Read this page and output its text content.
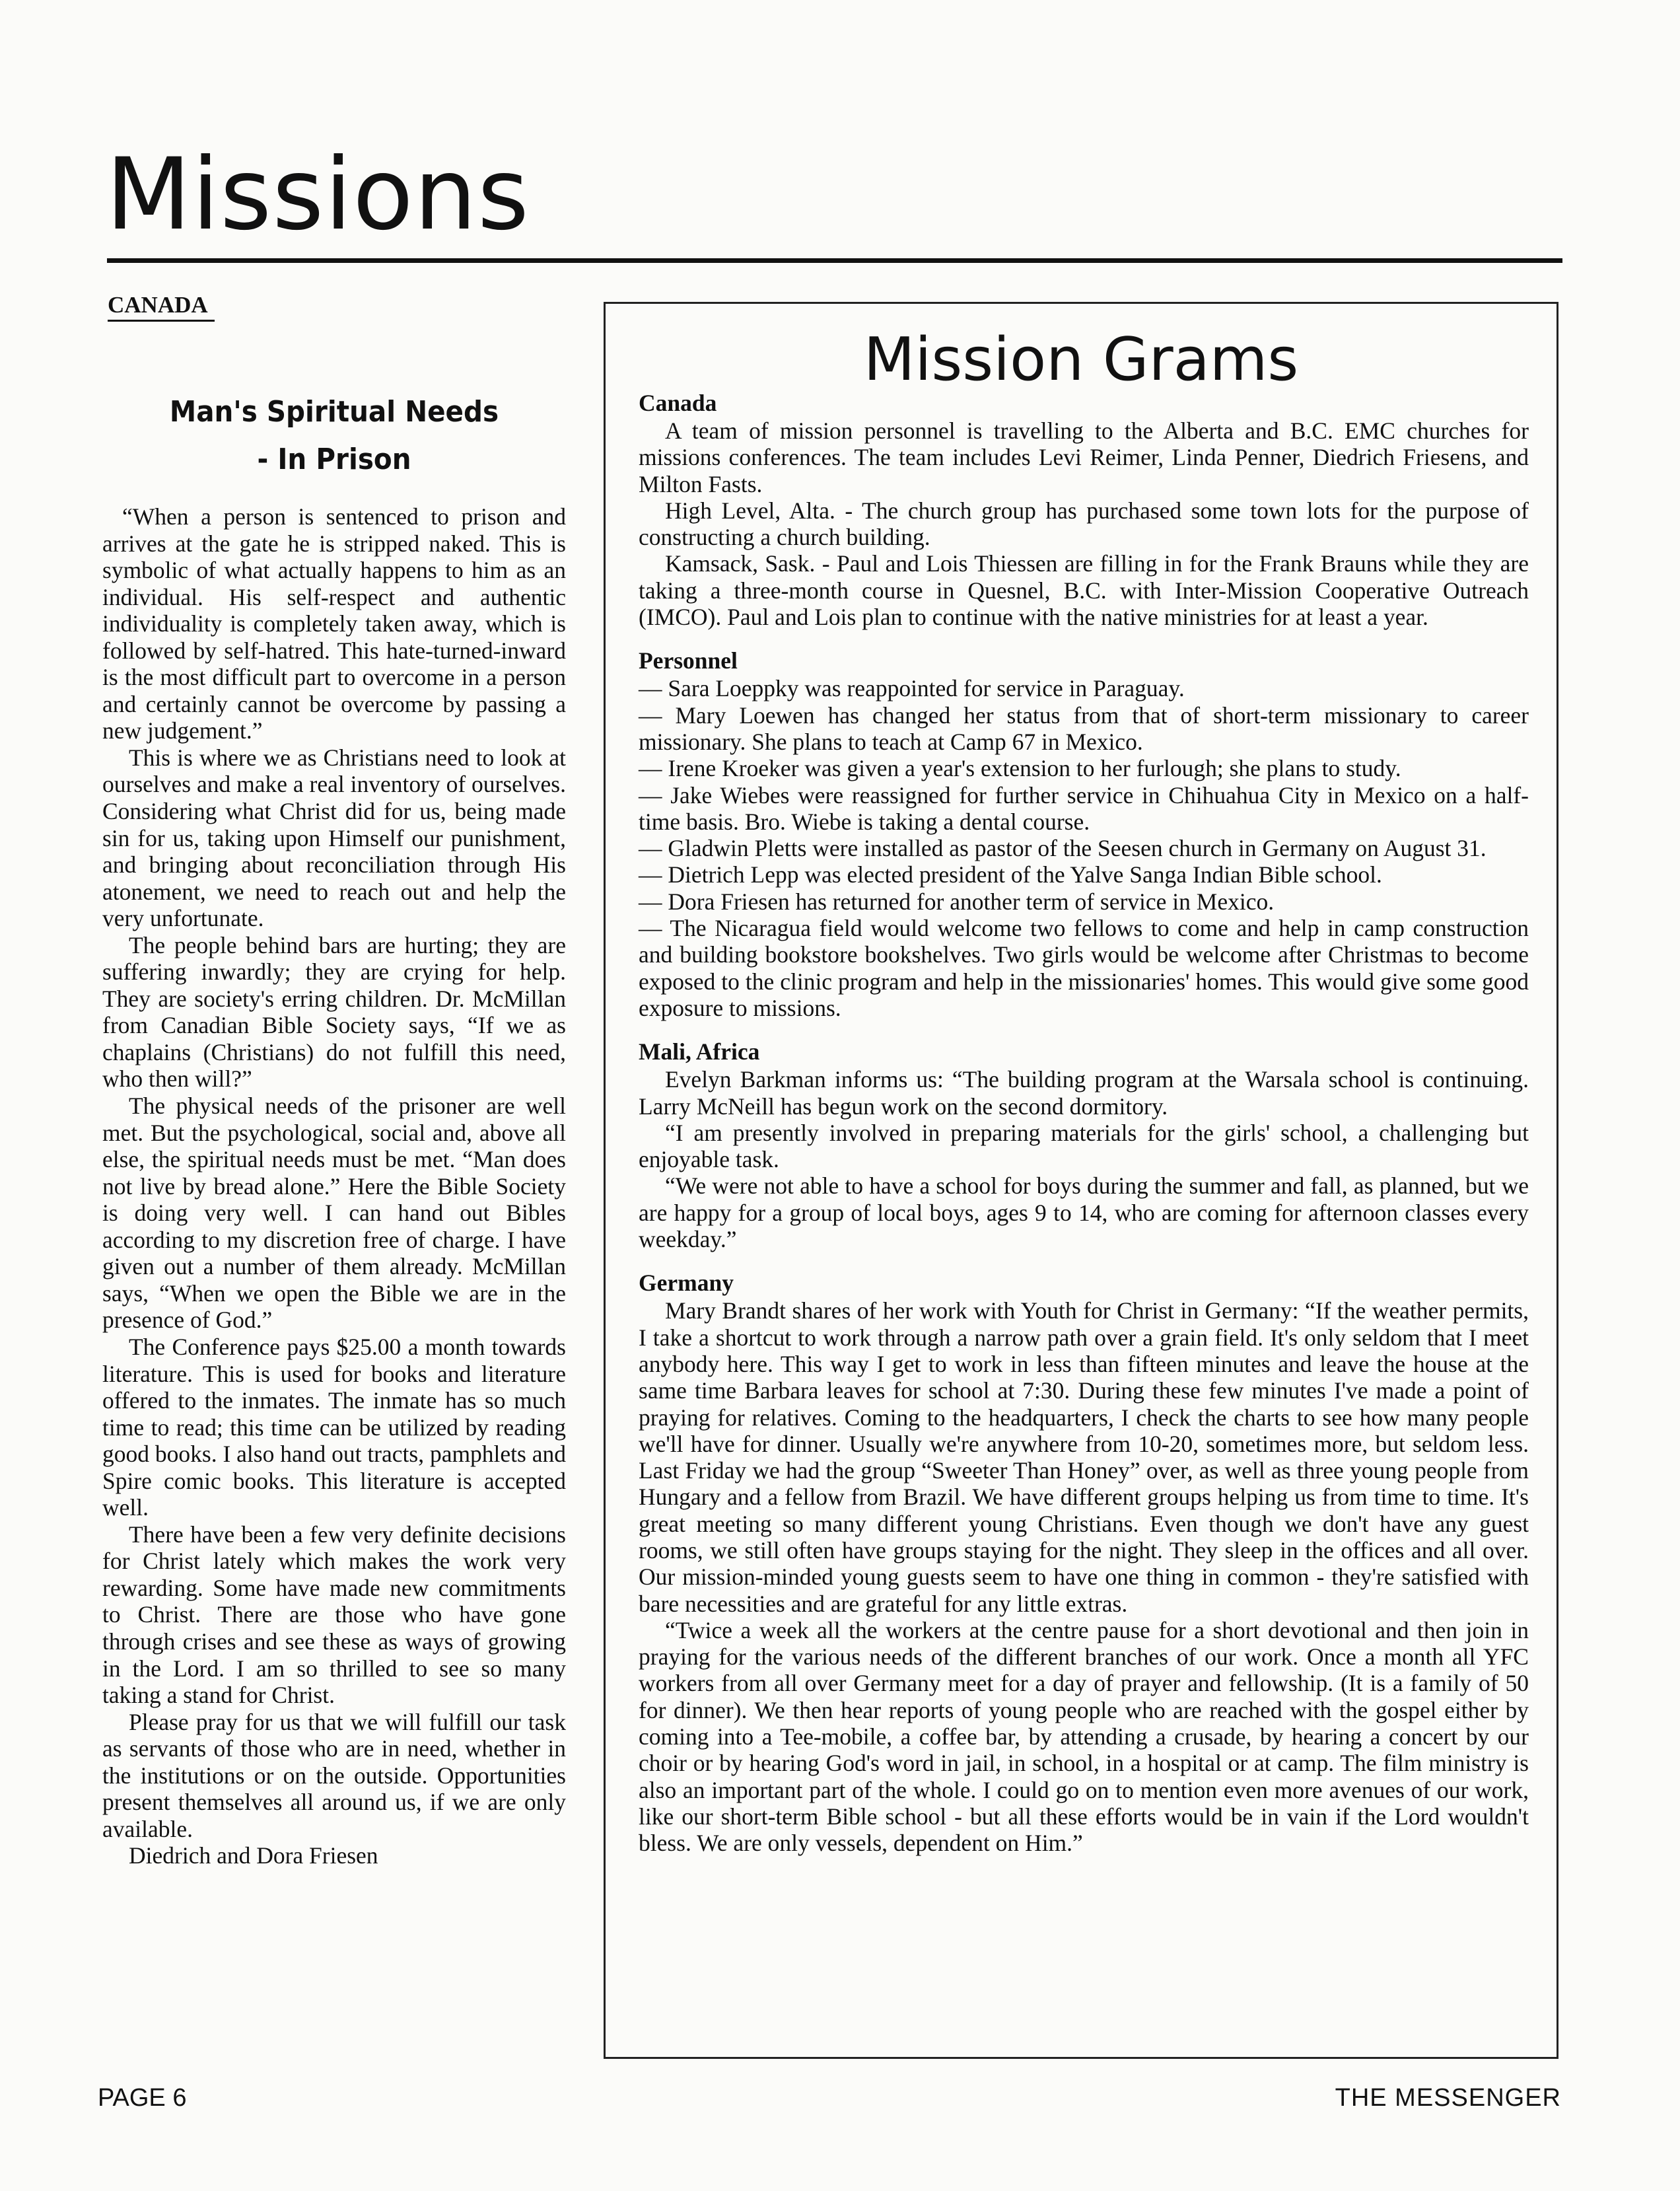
Missions
CANADA
Man's Spiritual Needs
- In Prison

“When a person is sentenced to prison and arrives at the gate he is stripped naked. This is symbolic of what actually happens to him as an individual. His self-respect and authentic individuality is completely taken away, which is followed by self-hatred. This hate-turned-inward is the most difficult part to overcome in a person and certainly cannot be overcome by passing a new judgement.”

This is where we as Christians need to look at ourselves and make a real inventory of ourselves. Considering what Christ did for us, being made sin for us, taking upon Himself our punishment, and bringing about reconciliation through His atonement, we need to reach out and help the very unfortunate.

The people behind bars are hurting; they are suffering inwardly; they are crying for help. They are society's erring children. Dr. McMillan from Canadian Bible Society says, “If we as chaplains (Christians) do not fulfill this need, who then will?”

The physical needs of the prisoner are well met. But the psychological, social and, above all else, the spiritual needs must be met. “Man does not live by bread alone.” Here the Bible Society is doing very well. I can hand out Bibles according to my discretion free of charge. I have given out a number of them already. McMillan says, “When we open the Bible we are in the presence of God.”

The Conference pays $25.00 a month towards literature. This is used for books and literature offered to the inmates. The inmate has so much time to read; this time can be utilized by reading good books. I also hand out tracts, pamphlets and Spire comic books. This literature is accepted well.

There have been a few very definite decisions for Christ lately which makes the work very rewarding. Some have made new commitments to Christ. There are those who have gone through crises and see these as ways of growing in the Lord. I am so thrilled to see so many taking a stand for Christ.

Please pray for us that we will fulfill our task as servants of those who are in need, whether in the institutions or on the outside. Opportunities present themselves all around us, if we are only available.

Diedrich and Dora Friesen

Mission Grams
Canada

A team of mission personnel is travelling to the Alberta and B.C. EMC churches for missions conferences. The team includes Levi Reimer, Linda Penner, Diedrich Friesens, and Milton Fasts.

High Level, Alta. - The church group has purchased some town lots for the purpose of constructing a church building.

Kamsack, Sask. - Paul and Lois Thiessen are filling in for the Frank Brauns while they are taking a three-month course in Quesnel, B.C. with Inter-Mission Cooperative Outreach (IMCO). Paul and Lois plan to continue with the native ministries for at least a year.

Personnel

— Sara Loeppky was reappointed for service in Paraguay.

— Mary Loewen has changed her status from that of short-term missionary to career missionary. She plans to teach at Camp 67 in Mexico.

— Irene Kroeker was given a year's extension to her furlough; she plans to study.

— Jake Wiebes were reassigned for further service in Chihuahua City in Mexico on a half-time basis. Bro. Wiebe is taking a dental course.

— Gladwin Pletts were installed as pastor of the Seesen church in Germany on August 31.

— Dietrich Lepp was elected president of the Yalve Sanga Indian Bible school.

— Dora Friesen has returned for another term of service in Mexico.

— The Nicaragua field would welcome two fellows to come and help in camp construction and building bookstore bookshelves. Two girls would be welcome after Christmas to become exposed to the clinic program and help in the missionaries' homes. This would give some good exposure to missions.

Mali, Africa

Evelyn Barkman informs us: “The building program at the Warsala school is continuing. Larry McNeill has begun work on the second dormitory.

“I am presently involved in preparing materials for the girls' school, a challenging but enjoyable task.

“We were not able to have a school for boys during the summer and fall, as planned, but we are happy for a group of local boys, ages 9 to 14, who are coming for afternoon classes every weekday.”

Germany

Mary Brandt shares of her work with Youth for Christ in Germany: “If the weather permits, I take a shortcut to work through a narrow path over a grain field. It's only seldom that I meet anybody here. This way I get to work in less than fifteen minutes and leave the house at the same time Barbara leaves for school at 7:30. During these few minutes I've made a point of praying for relatives. Coming to the headquarters, I check the charts to see how many people we'll have for dinner. Usually we're anywhere from 10-20, sometimes more, but seldom less. Last Friday we had the group “Sweeter Than Honey” over, as well as three young people from Hungary and a fellow from Brazil. We have different groups helping us from time to time. It's great meeting so many different young Christians. Even though we don't have any guest rooms, we still often have groups staying for the night. They sleep in the offices and all over. Our mission-minded young guests seem to have one thing in common - they're satisfied with bare necessities and are grateful for any little extras.

“Twice a week all the workers at the centre pause for a short devotional and then join in praying for the various needs of the different branches of our work. Once a month all YFC workers from all over Germany meet for a day of prayer and fellowship. (It is a family of 50 for dinner). We then hear reports of young people who are reached with the gospel either by coming into a Tee-mobile, a coffee bar, by attending a crusade, by hearing a concert by our choir or by hearing God's word in jail, in school, in a hospital or at camp. The film ministry is also an important part of the whole. I could go on to mention even more avenues of our work, like our short-term Bible school - but all these efforts would be in vain if the Lord wouldn't bless. We are only vessels, dependent on Him.”

PAGE 6	THE MESSENGER
